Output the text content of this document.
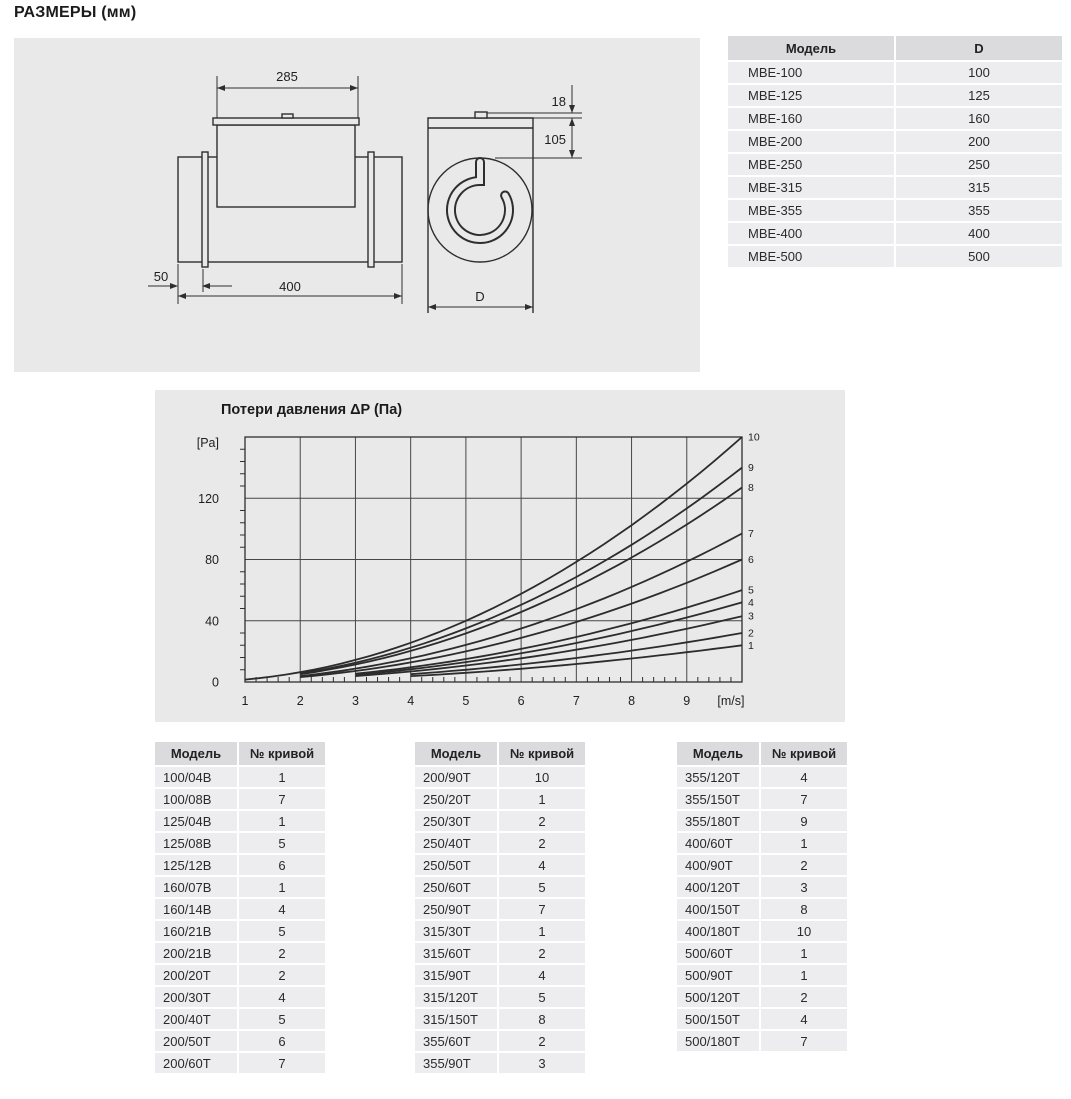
РАЗМЕРЫ (мм)
285
400
50
18
105
D
Модель	D
MBE-100	100
MBE-125	125
MBE-160	160
MBE-200	200
MBE-250	250
MBE-315	315
MBE-355	355
MBE-400	400
MBE-500	500
Потери давления ΔP (Па)
1	2	3	4	5	6	7	8	9 [m/s]
0
40
80
120
[Pa]
1
2
3
4
5
6
7
8
9
10
Модель	№ кривой
100/04B	1
100/08B	7
125/04B	1
125/08B	5
125/12B	6
160/07B	1
160/14B	4
160/21B	5
200/21B	2
200/20T	2
200/30T	4
200/40T	5
200/50T	6
200/60T	7
Модель	№ кривой
200/90T	10
250/20T	1
250/30T	2
250/40T	2
250/50T	4
250/60T	5
250/90T	7
315/30T	1
315/60T	2
315/90T	4
315/120T	5
315/150T	8
355/60T	2
355/90T	3
Модель	№ кривой
355/120T	4
355/150T	7
355/180T	9
400/60T	1
400/90T	2
400/120T	3
400/150T	8
400/180T	10
500/60T	1
500/90T	1
500/120T	2
500/150T	4
500/180T	7
